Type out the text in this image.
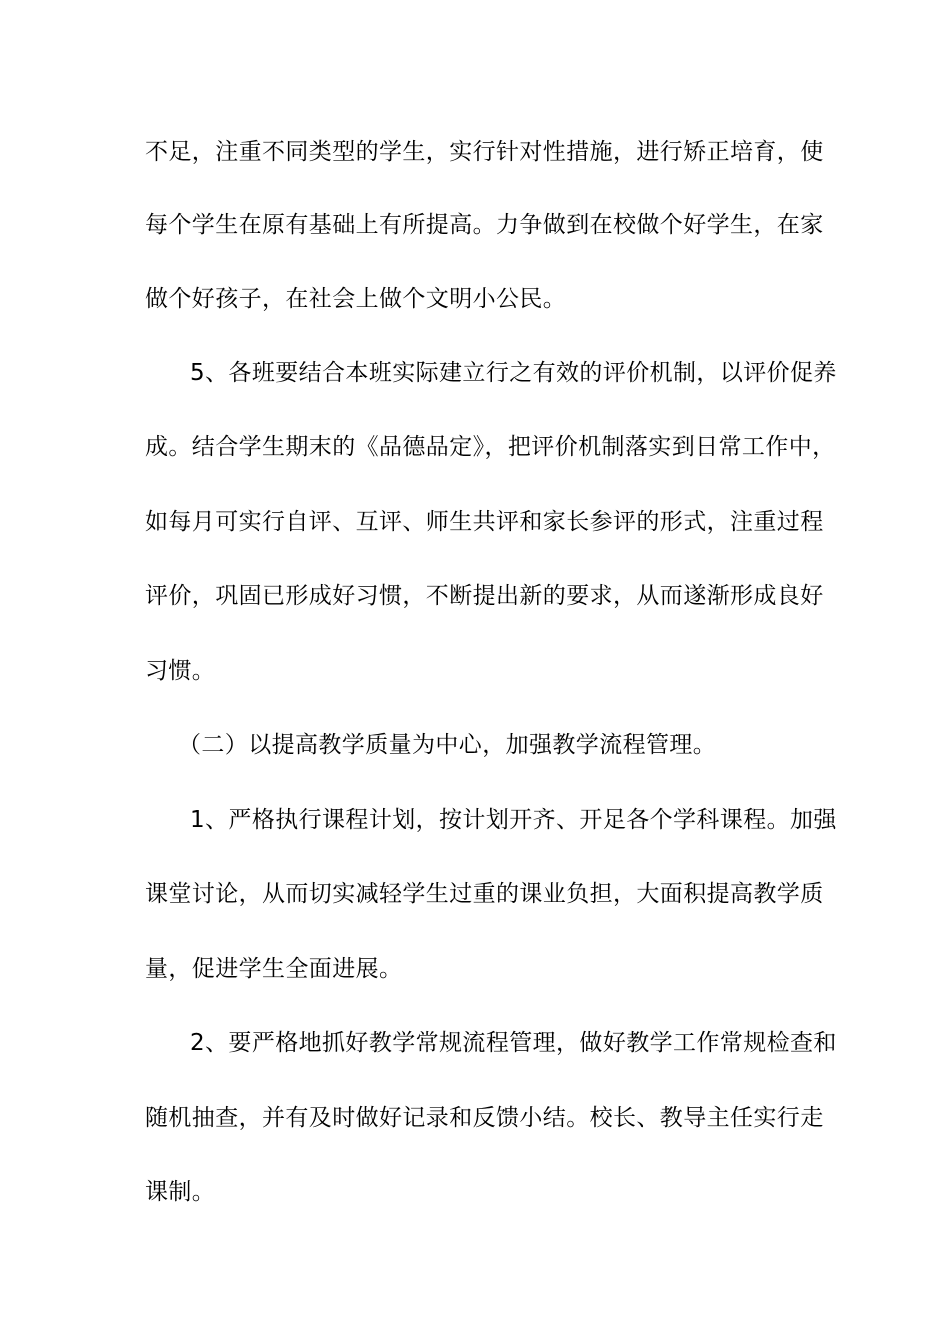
不足，注重不同类型的学生，实行针对性措施，进行矫正培育，使
每个学生在原有基础上有所提高。力争做到在校做个好学生，在家
做个好孩子，在社会上做个文明小公民。
5、各班要结合本班实际建立行之有效的评价机制，以评价促养
成。结合学生期末的《品德品定》，把评价机制落实到日常工作中，
如每月可实行自评、互评、师生共评和家长参评的形式，注重过程
评价，巩固已形成好习惯，不断提出新的要求，从而遂渐形成良好
习惯。
（二）以提高教学质量为中心，加强教学流程管理。
1、严格执行课程计划，按计划开齐、开足各个学科课程。加强
课堂讨论，从而切实减轻学生过重的课业负担，大面积提高教学质
量，促进学生全面进展。
2、要严格地抓好教学常规流程管理，做好教学工作常规检查和
随机抽查，并有及时做好记录和反馈小结。校长、教导主任实行走
课制。
